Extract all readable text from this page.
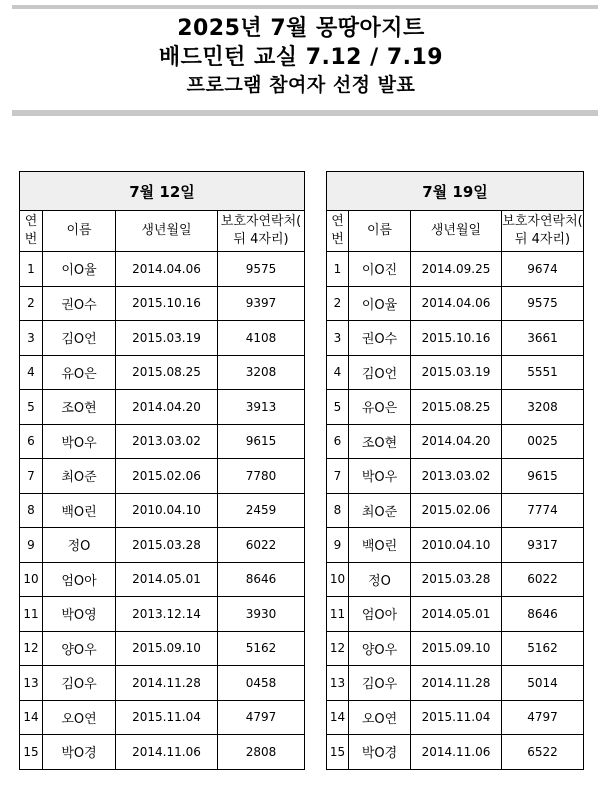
2025년 7월 몽땅아지트
배드민턴 교실 7.12 / 7.19
프로그램 참여자 선정 발표
7월 12일			
연
번	이름	생년월일	보호자연락처(
뒤 4자리)
1	이O율	2014.04.06	9575
2	권O수	2015.10.16	9397
3	김O언	2015.03.19	4108
4	유O은	2015.08.25	3208
5	조O현	2014.04.20	3913
6	박O우	2013.03.02	9615
7	최O준	2015.02.06	7780
8	백O린	2010.04.10	2459
9	정O	2015.03.28	6022
10	엄O아	2014.05.01	8646
11	박O영	2013.12.14	3930
12	양O우	2015.09.10	5162
13	김O우	2014.11.28	0458
14	오O연	2015.11.04	4797
15	박O경	2014.11.06	2808
7월 19일			
연
번	이름	생년월일	보호자연락처(
뒤 4자리)
1	이O진	2014.09.25	9674
2	이O율	2014.04.06	9575
3	권O수	2015.10.16	3661
4	김O언	2015.03.19	5551
5	유O은	2015.08.25	3208
6	조O현	2014.04.20	0025
7	박O우	2013.03.02	9615
8	최O준	2015.02.06	7774
9	백O린	2010.04.10	9317
10	정O	2015.03.28	6022
11	엄O아	2014.05.01	8646
12	양O우	2015.09.10	5162
13	김O우	2014.11.28	5014
14	오O연	2015.11.04	4797
15	박O경	2014.11.06	6522
